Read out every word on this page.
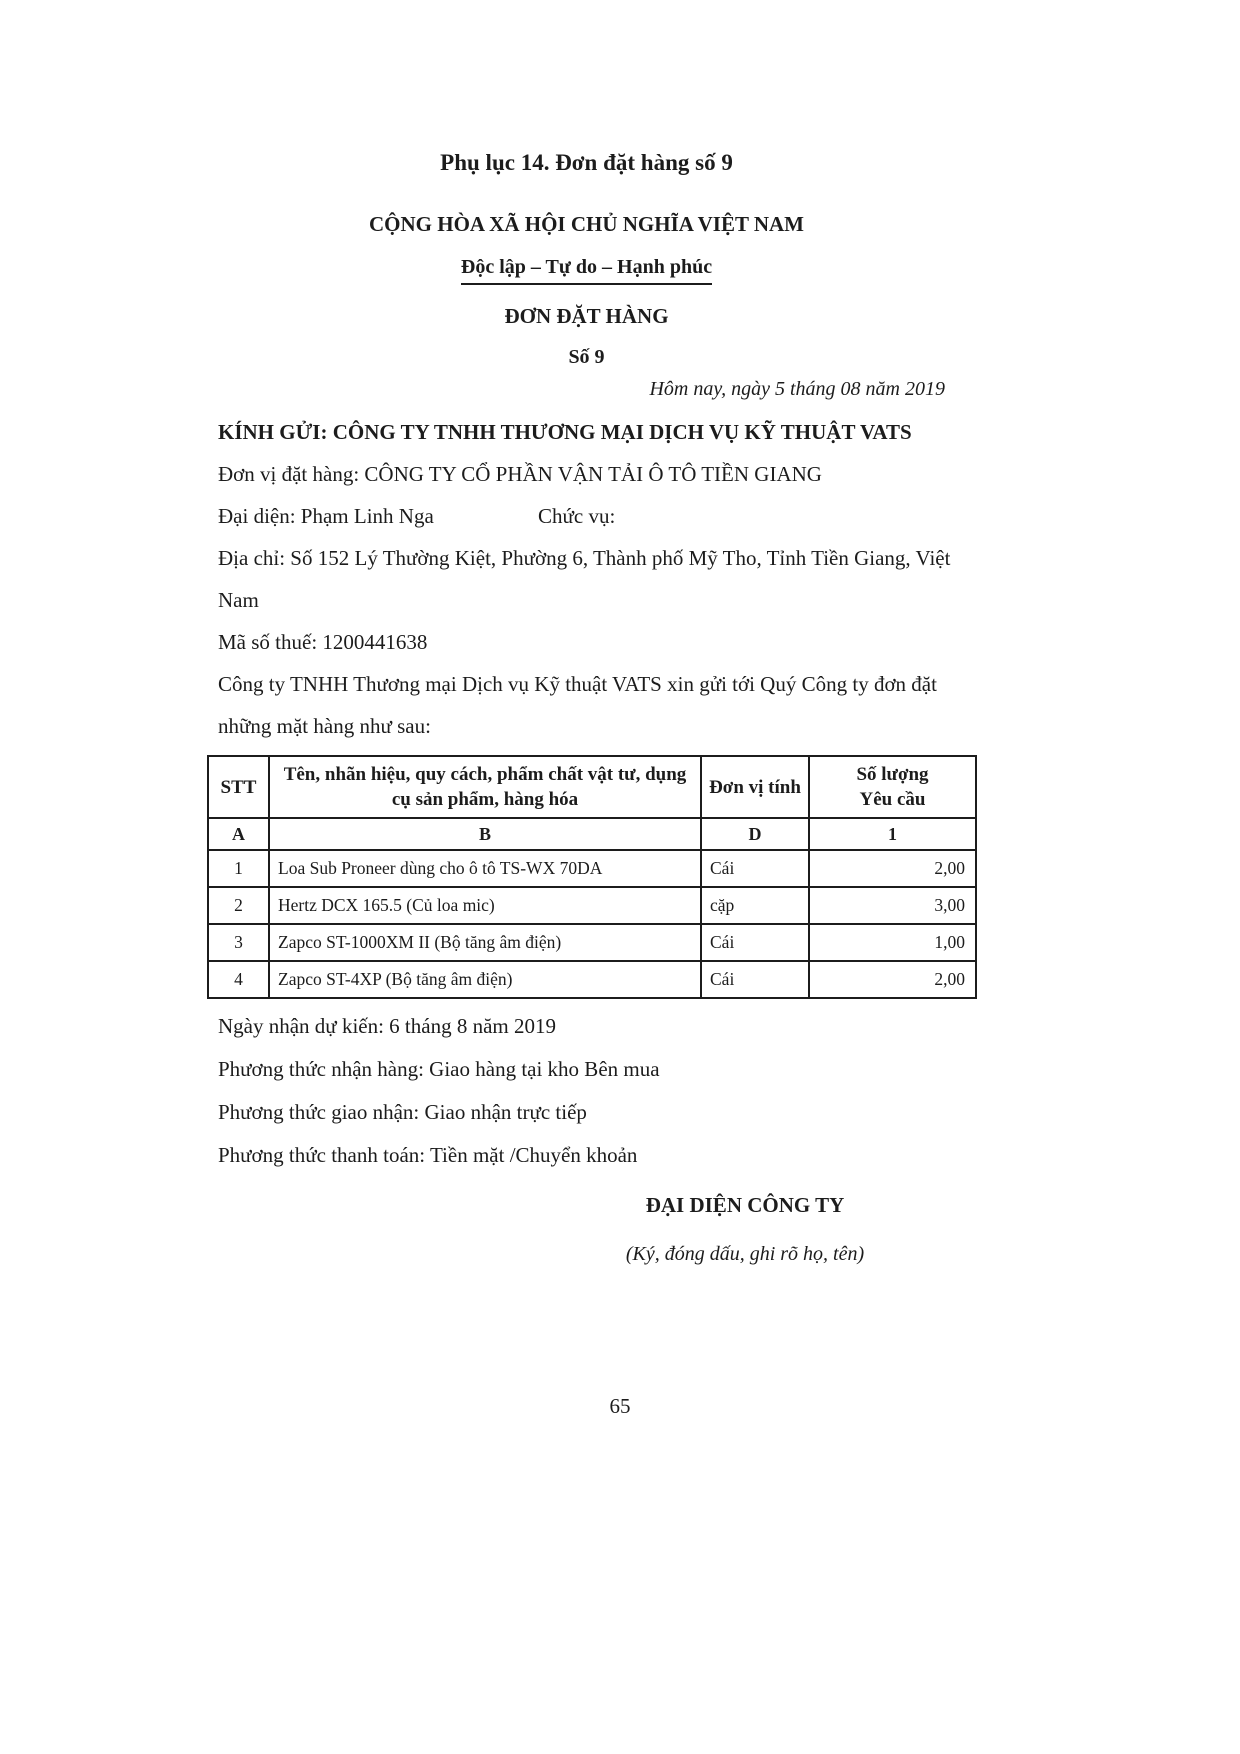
Phụ lục 14. Đơn đặt hàng số 9
CỘNG HÒA XÃ HỘI CHỦ NGHĨA VIỆT NAM
Độc lập – Tự do – Hạnh phúc
ĐƠN ĐẶT HÀNG
Số 9
Hôm nay, ngày 5 tháng 08 năm 2019

KÍNH GỬI: CÔNG TY TNHH THƯƠNG MẠI DỊCH VỤ KỸ THUẬT VATS

Đơn vị đặt hàng: CÔNG TY CỔ PHẦN VẬN TẢI Ô TÔ TIỀN GIANG

Đại diện: Phạm Linh Nga	Chức vụ:

Địa chỉ: Số 152 Lý Thường Kiệt, Phường 6, Thành phố Mỹ Tho, Tỉnh Tiền Giang, Việt Nam

Mã số thuế: 1200441638

Công ty TNHH Thương mại Dịch vụ Kỹ thuật VATS xin gửi tới Quý Công ty đơn đặt những mặt hàng như sau:

STT	Tên, nhãn hiệu, quy cách, phẩm chất vật tư, dụng cụ sản phẩm, hàng hóa	Đơn vị tính	Số lượng
Yêu cầu
A	B	D	1
1	Loa Sub Proneer dùng cho ô tô TS-WX 70DA	Cái	2,00
2	Hertz DCX 165.5 (Củ loa mic)	cặp	3,00
3	Zapco ST-1000XM II (Bộ tăng âm điện)	Cái	1,00
4	Zapco ST-4XP (Bộ tăng âm điện)	Cái	2,00

Ngày nhận dự kiến: 6 tháng 8 năm 2019

Phương thức nhận hàng: Giao hàng tại kho Bên mua

Phương thức giao nhận: Giao nhận trực tiếp

Phương thức thanh toán: Tiền mặt /Chuyển khoản

ĐẠI DIỆN CÔNG TY
(Ký, đóng dấu, ghi rõ họ, tên)
65
